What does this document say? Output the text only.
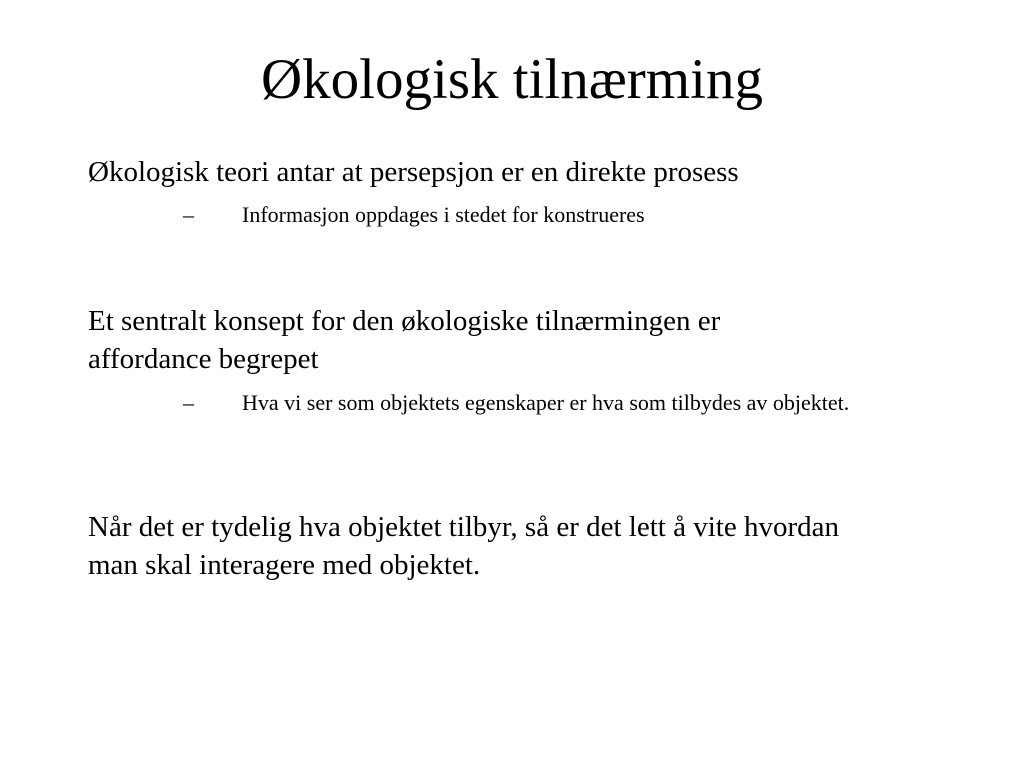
Økologisk tilnærming

Økologisk teori antar at persepsjon er en direkte prosess

– Informasjon oppdages i stedet for konstrueres

Et sentralt konsept for den økologiske tilnærmingen er affordance begrepet

– Hva vi ser som objektets egenskaper er hva som tilbydes av objektet.

Når det er tydelig hva objektet tilbyr, så er det lett å vite hvordan man skal interagere med objektet.
